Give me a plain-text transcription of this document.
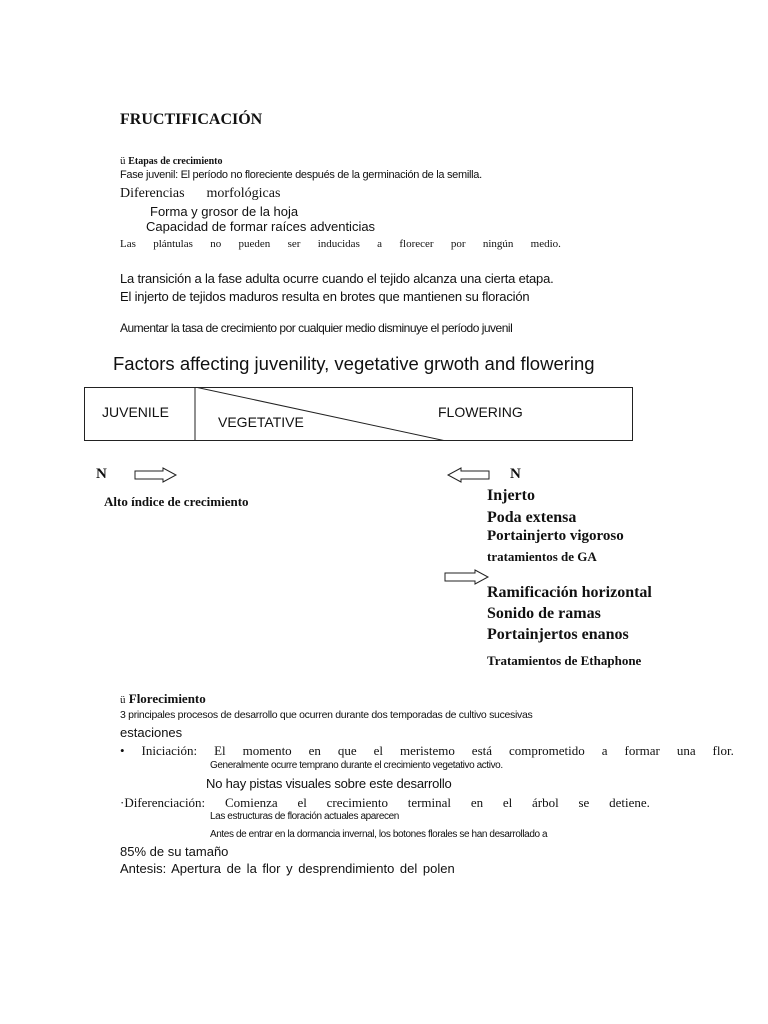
FRUCTIFICACIÓN
ü Etapas de crecimiento
Fase juvenil: El período no floreciente después de la germinación de la semilla.
Diferencias morfológicas
Forma y grosor de la hoja
Capacidad de formar raíces adventicias
Las plántulas no pueden ser inducidas a florecer por ningún medio.
La transición a la fase adulta ocurre cuando el tejido alcanza una cierta etapa.
El injerto de tejidos maduros resulta en brotes que mantienen su floración
Aumentar la tasa de crecimiento por cualquier medio disminuye el período juvenil
Factors affecting juvenility, vegetative grwoth and flowering
JUVENILE
VEGETATIVE
FLOWERING
N
Alto índice de crecimiento
N
Injerto
Poda extensa
Portainjerto vigoroso
tratamientos de GA
Ramificación horizontal
Sonido de ramas
Portainjertos enanos
Tratamientos de Ethaphone
ü Florecimiento
3 principales procesos de desarrollo que ocurren durante dos temporadas de cultivo sucesivas
estaciones
• Iniciación: El momento en que el meristemo está comprometido a formar una flor.
Generalmente ocurre temprano durante el crecimiento vegetativo activo.
No hay pistas visuales sobre este desarrollo
·Diferenciación: Comienza el crecimiento terminal en el árbol se detiene.
Las estructuras de floración actuales aparecen
Antes de entrar en la dormancia invernal, los botones florales se han desarrollado a
85% de su tamaño
Antesis: Apertura de la flor y desprendimiento del polen
